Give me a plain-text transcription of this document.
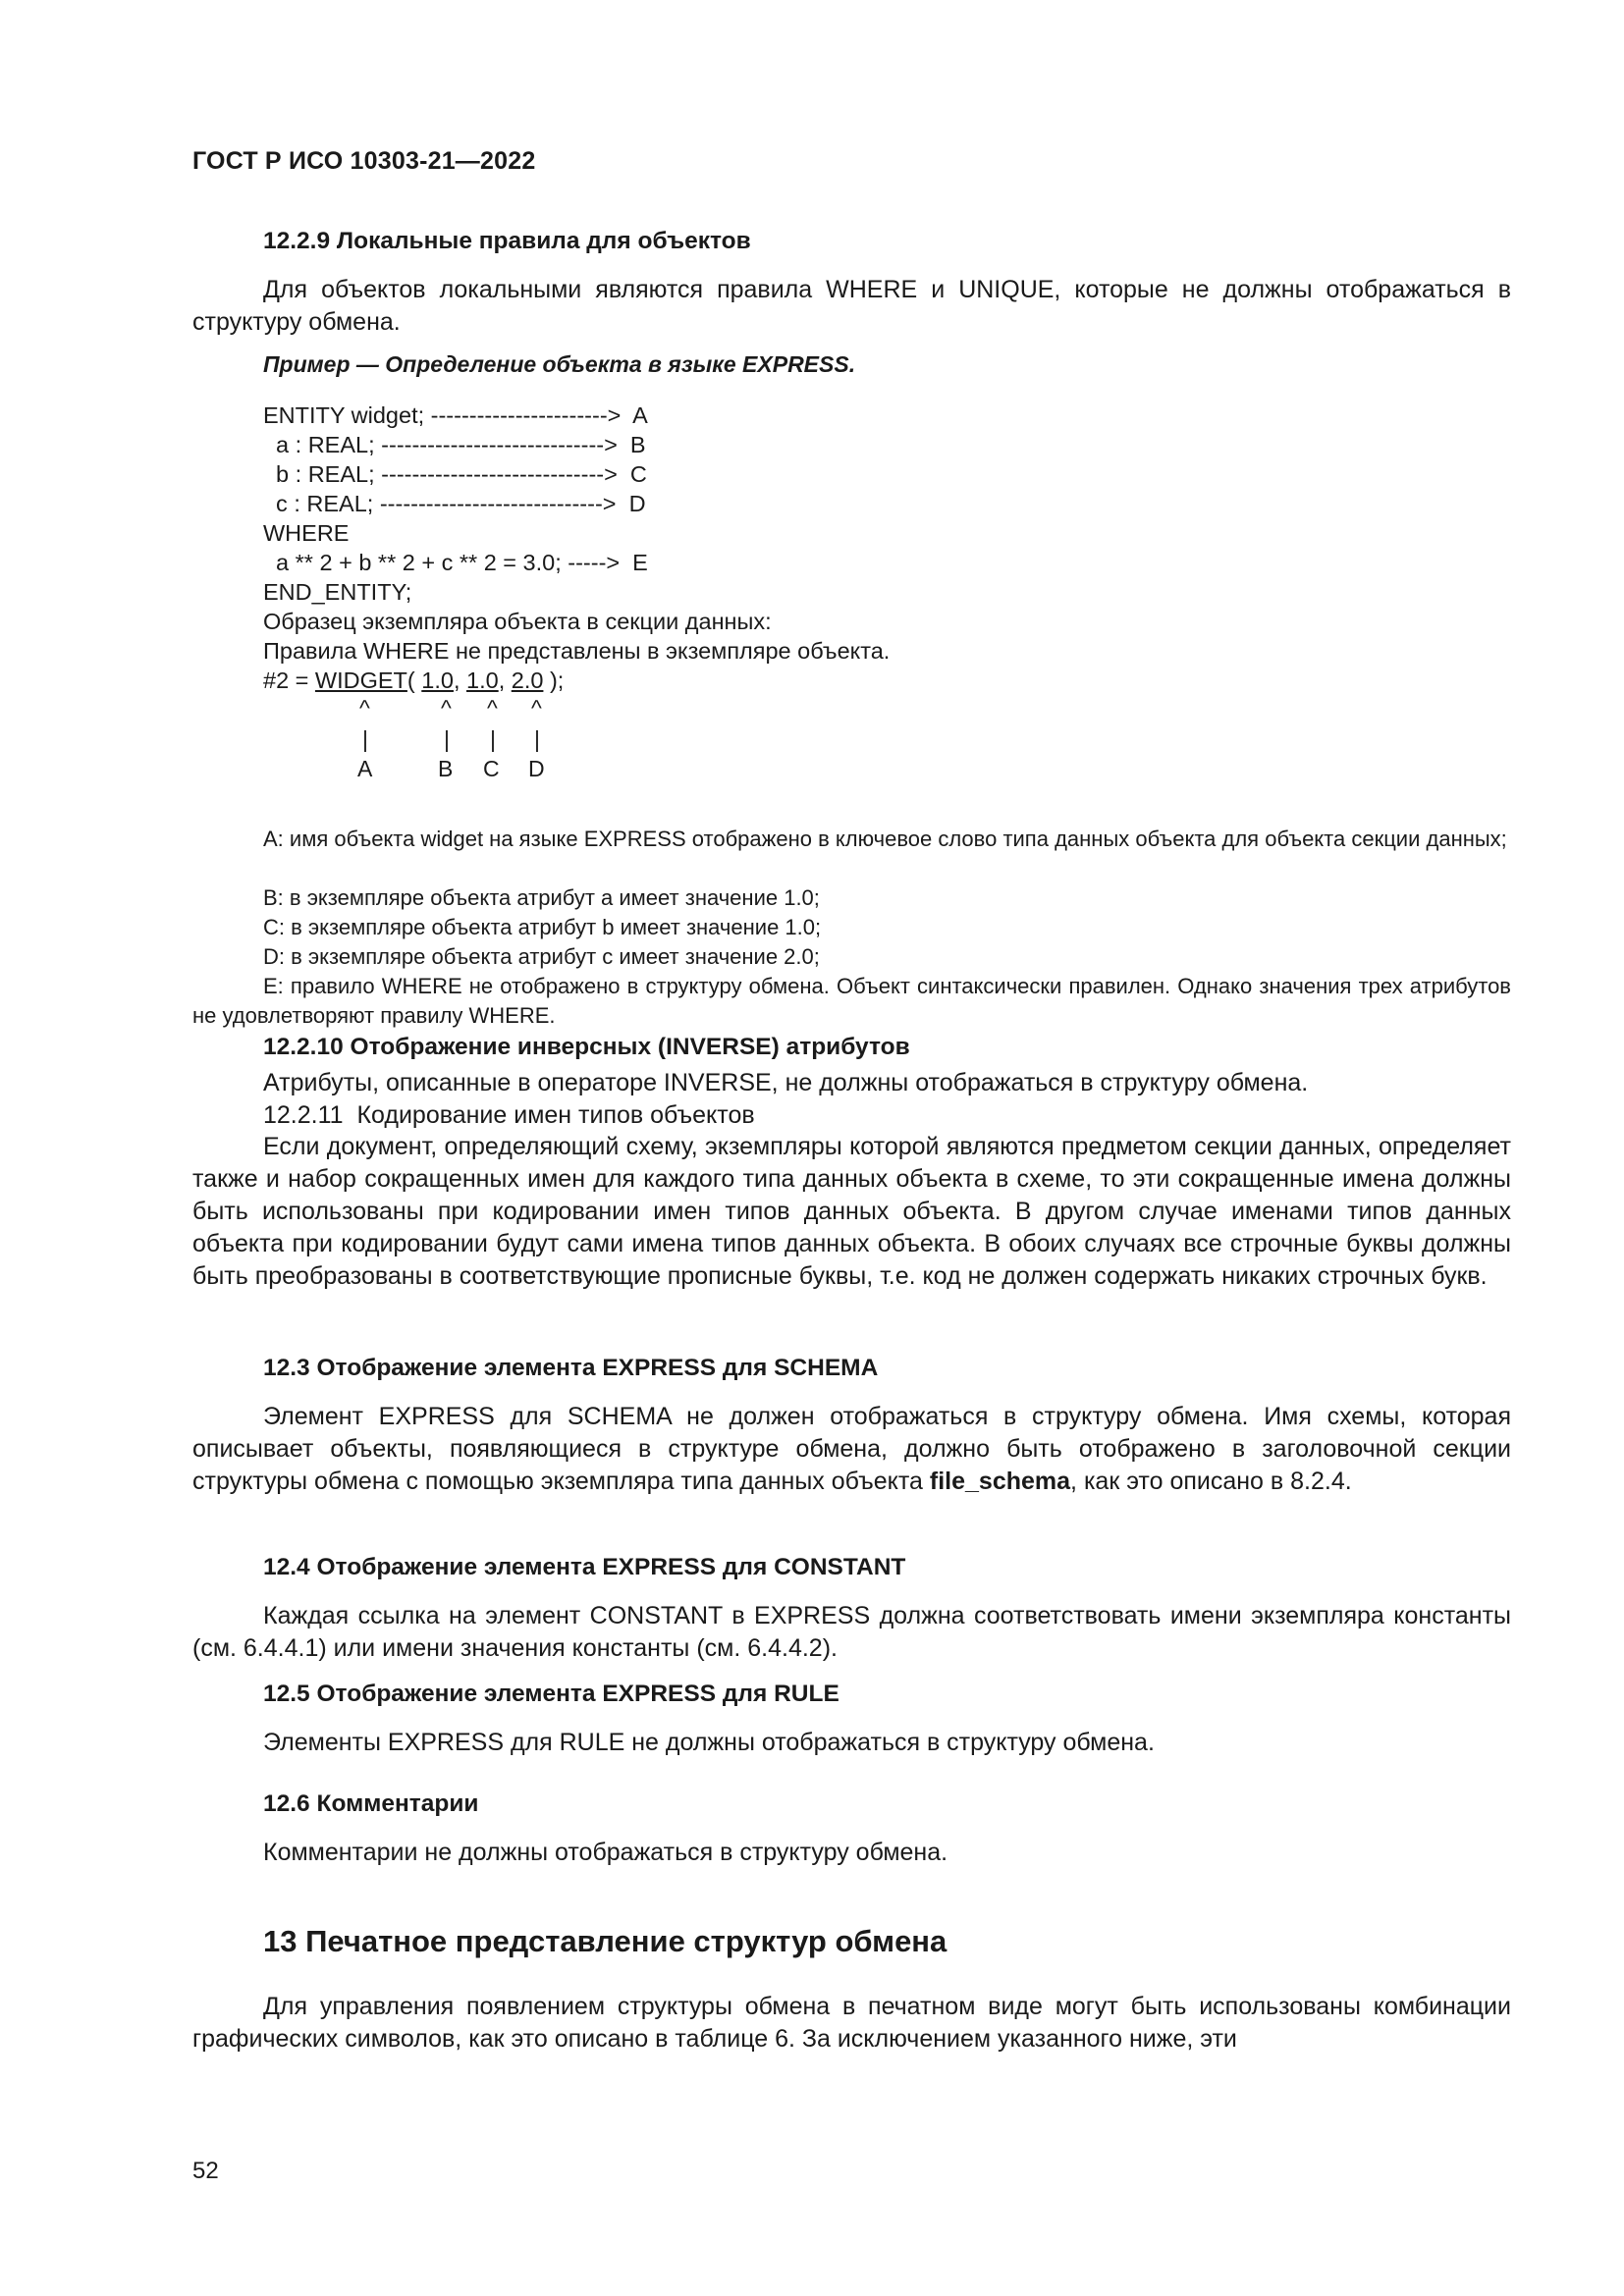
ГОСТ Р ИСО 10303-21—2022
12.2.9 Локальные правила для объектов

Для объектов локальными являются правила WHERE и UNIQUE, которые не должны отображаться в структуру обмена.

Пример — Определение объекта в языке EXPRESS.
ENTITY widget; ----------------------->  A
a : REAL; ----------------------------->  B
b : REAL; ----------------------------->  C
c : REAL; ----------------------------->  D
WHERE
a ** 2 + b ** 2 + c ** 2 = 3.0; ----->  E
END_ENTITY;
Образец экземпляра объекта в секции данных:
Правила WHERE не представлены в экземпляре объекта.
#2 = WIDGET( 1.0, 1.0, 2.0 );
^	^ ^ ^
|	| | |
A	B C D

A: имя объекта widget на языке EXPRESS отображено в ключевое слово типа данных объекта для объекта секции данных;

B: в экземпляре объекта атрибут a имеет значение 1.0;
C: в экземпляре объекта атрибут b имеет значение 1.0;
D: в экземпляре объекта атрибут c имеет значение 2.0;

E: правило WHERE не отображено в структуру обмена. Объект синтаксически правилен. Однако значения трех атрибутов не удовлетворяют правилу WHERE.

12.2.10 Отображение инверсных (INVERSE) атрибутов
Атрибуты, описанные в операторе INVERSE, не должны отображаться в структуру обмена.
12.2.11  Кодирование имен типов объектов

Если документ, определяющий схему, экземпляры которой являются предметом секции данных, определяет также и набор сокращенных имен для каждого типа данных объекта в схеме, то эти сокращенные имена должны быть использованы при кодировании имен типов данных объекта. В другом случае именами типов данных объекта при кодировании будут сами имена типов данных объекта. В обоих случаях все строчные буквы должны быть преобразованы в соответствующие прописные буквы, т.е. код не должен содержать никаких строчных букв.

12.3 Отображение элемента EXPRESS для SCHEMA

Элемент EXPRESS для SCHEMA не должен отображаться в структуру обмена. Имя схемы, которая описывает объекты, появляющиеся в структуре обмена, должно быть отображено в заголовочной секции структуры обмена с помощью экземпляра типа данных объекта file_schema, как это описано в 8.2.4.

12.4 Отображение элемента EXPRESS для CONSTANT

Каждая ссылка на элемент CONSTANT в EXPRESS должна соответствовать имени экземпляра константы (см. 6.4.4.1) или имени значения константы (см. 6.4.4.2).

12.5 Отображение элемента EXPRESS для RULE

Элементы EXPRESS для RULE не должны отображаться в структуру обмена.

12.6 Комментарии

Комментарии не должны отображаться в структуру обмена.

13 Печатное представление структур обмена

Для управления появлением структуры обмена в печатном виде могут быть использованы комбинации графических символов, как это описано в таблице 6. За исключением указанного ниже, эти

52
